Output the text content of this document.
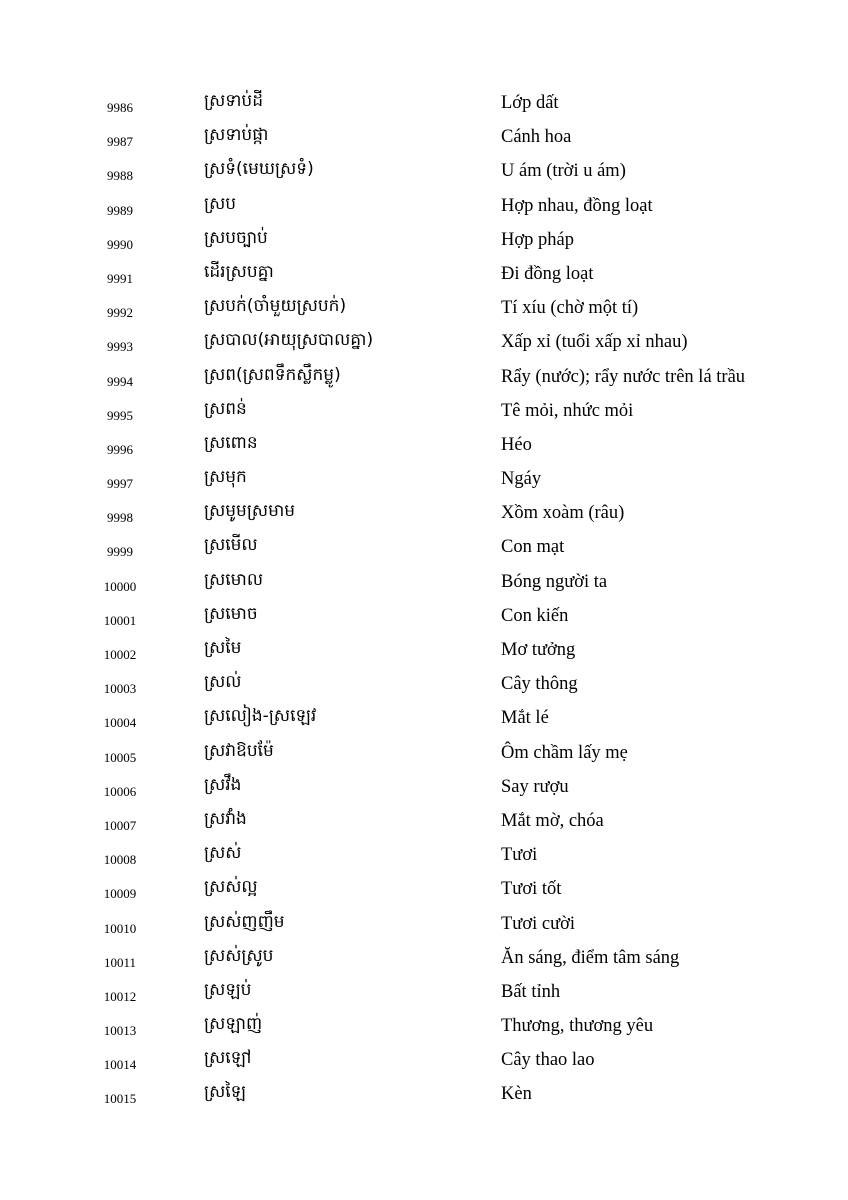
9986	ស្រទាប់ដី	Lớp dất
9987	ស្រទាប់ផ្កា	Cánh hoa
9988	ស្រទំ(មេឃស្រទំ)	U ám (trời u ám)
9989	ស្រប	Hợp nhau, đồng loạt
9990	ស្របច្បាប់	Hợp pháp
9991	ដើរស្របគ្នា	Đi đồng loạt
9992	ស្របក់(ចាំមួយស្របក់)	Tí xíu (chờ một tí)
9993	ស្របាល(អាយុស្របាលគ្នា)	Xấp xỉ (tuổi xấp xỉ nhau)
9994	ស្រព(ស្រពទឹកស្លឹកម្លូ)	Rẩy (nước); rẩy nước trên lá trầu
9995	ស្រពន់	Tê mỏi, nhức mỏi
9996	ស្រពោន	Héo
9997	ស្រមុក	Ngáy
9998	ស្រមូមស្រមាម	Xồm xoàm (râu)
9999	ស្រមើល	Con mạt
10000	ស្រមោល	Bóng người ta
10001	ស្រមោច	Con kiến
10002	ស្រមៃ	Mơ tưởng
10003	ស្រល់	Cây thông
10004	ស្រលៀង-ស្រឡេវ	Mắt lé
10005	ស្រវាឱបម៉ែ	Ôm chầm lấy mẹ
10006	ស្រវឹង	Say rượu
10007	ស្រវាំង	Mắt mờ, chóa
10008	ស្រស់	Tươi
10009	ស្រស់ល្អ	Tươi tốt
10010	ស្រស់ញញឹម	Tươi cười
10011	ស្រស់ស្រូប	Ăn sáng, điểm tâm sáng
10012	ស្រឡប់	Bất tỉnh
10013	ស្រឡាញ់	Thương, thương yêu
10014	ស្រឡៅ	Cây thao lao
10015	ស្រឡៃ	Kèn
